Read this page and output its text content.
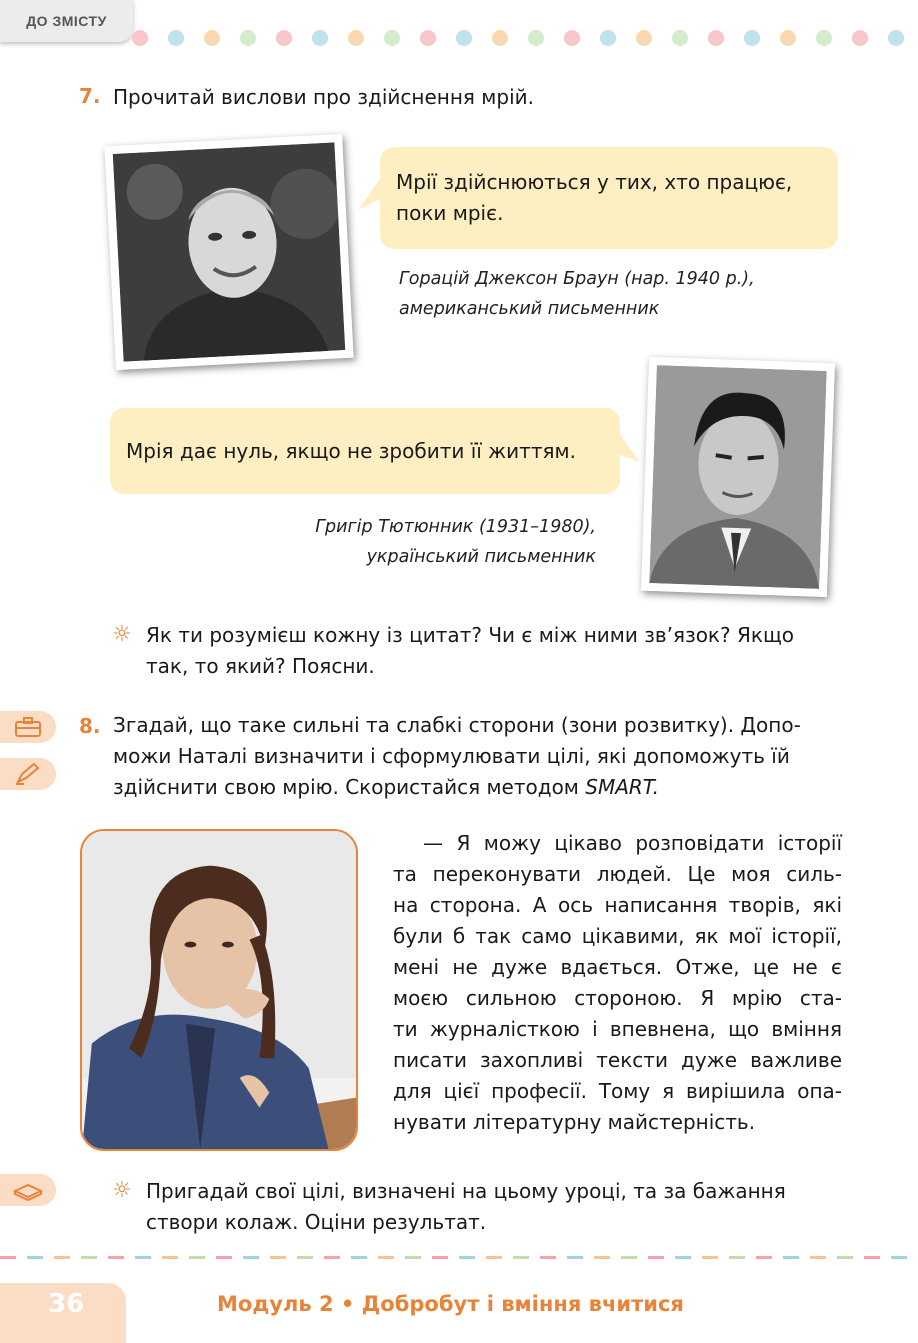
ДО ЗМІСТУ
7. Прочитай вислови про здійснення мрій.
Мрії здійснюються у тих, хто працює,
поки мріє.
Горацій Джексон Браун (нар. 1940 р.),
американський письменник
Мрія дає нуль, якщо не зробити її життям.
Григір Тютюнник (1931–1980),
український письменник
☼ Як ти розумієш кожну із цитат? Чи є між ними зв’язок? Якщо
так, то який? Поясни.
8. Згадай, що таке сильні та слабкі сторони (зони розвитку). Допо-
можи Наталі визначити і сформулювати цілі, які допоможуть їй
здійснити свою мрію. Скористайся методом SMART.

— Я можу цікаво розповідати історії

та переконувати людей. Це моя силь-

на сторона. А ось написання творів, які

були б так само цікавими, як мої історії,

мені не дуже вдається. Отже, це не є

моєю сильною стороною. Я мрію ста-

ти журналісткою і впевнена, що вміння

писати захопливі тексти дуже важливе

для цієї професії. Тому я вирішила опа-

нувати літературну майстерність.

☼ Пригадай свої цілі, визначені на цьому уроці, та за бажання
створи колаж. Оціни результат.
36	Модуль 2 • Добробут і вміння вчитися
